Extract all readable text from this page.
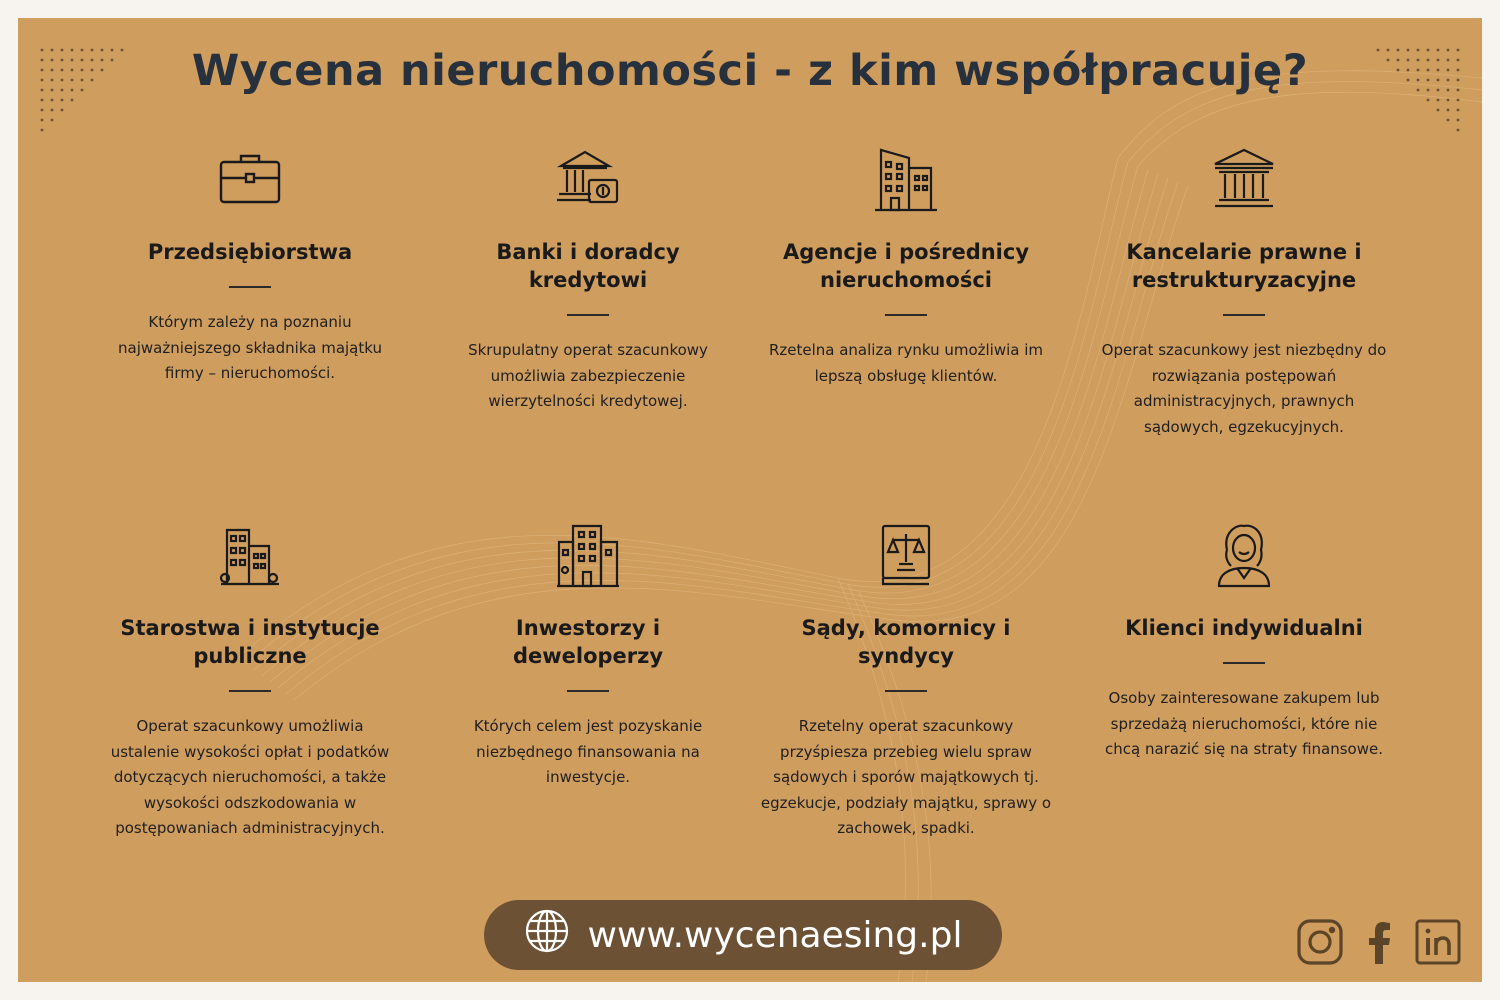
Wycena nieruchomości - z kim współpracuję?
Przedsiębiorstwa

Którym zależy na poznaniu najważniejszego składnika majątku firmy – nieruchomości.

Banki i doradcy kredytowi

Skrupulatny operat szacunkowy umożliwia zabezpieczenie wierzytelności kredytowej.

Agencje i pośrednicy nieruchomości

Rzetelna analiza rynku umożliwia im lepszą obsługę klientów.

Kancelarie prawne i restrukturyzacyjne

Operat szacunkowy jest niezbędny do rozwiązania postępowań administracyjnych, prawnych sądowych, egzekucyjnych.

Starostwa i instytucje publiczne

Operat szacunkowy umożliwia ustalenie wysokości opłat i podatków dotyczących nieruchomości, a także wysokości odszkodowania w postępowaniach administracyjnych.

Inwestorzy i deweloperzy

Których celem jest pozyskanie niezbędnego finansowania na inwestycje.

Sądy, komornicy i syndycy

Rzetelny operat szacunkowy przyśpiesza przebieg wielu spraw sądowych i sporów majątkowych tj. egzekucje, podziały majątku, sprawy o zachowek, spadki.

Klienci indywidualni

Osoby zainteresowane zakupem lub sprzedażą nieruchomości, które nie chcą narazić się na straty finansowe.

www.wycenaesing.pl
